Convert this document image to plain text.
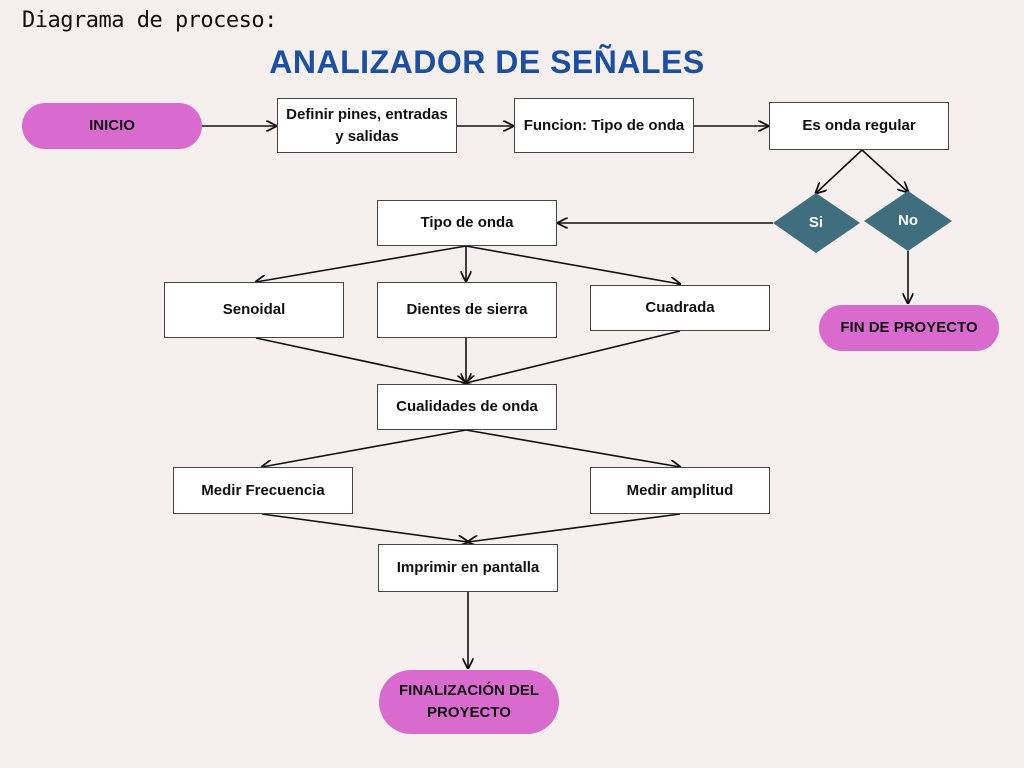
Diagrama de proceso:
ANALIZADOR DE SEÑALES
Si	No
INICIO
Definir pines, entradas y salidas
Funcion: Tipo de onda	Es onda regular
FIN DE PROYECTO
Tipo de onda
Senoidal	Dientes de sierra	Cuadrada
Cualidades de onda
Medir Frecuencia	Medir amplitud
Imprimir en pantalla
FINALIZACIÓN DEL PROYECTO
